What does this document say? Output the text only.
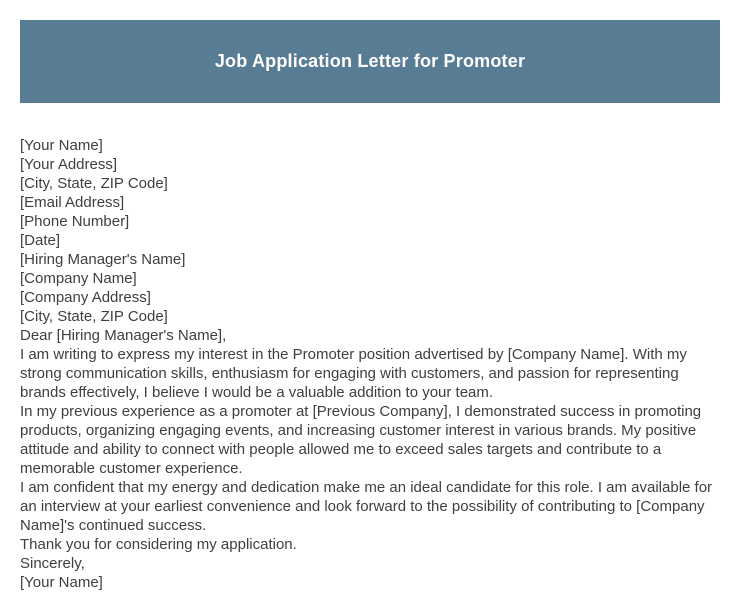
Job Application Letter for Promoter
[Your Name]
[Your Address]
[City, State, ZIP Code]
[Email Address]
[Phone Number]
[Date]
[Hiring Manager's Name]
[Company Name]
[Company Address]
[City, State, ZIP Code]
Dear [Hiring Manager's Name],
I am writing to express my interest in the Promoter position advertised by [Company Name]. With my strong communication skills, enthusiasm for engaging with customers, and passion for representing brands effectively, I believe I would be a valuable addition to your team.
In my previous experience as a promoter at [Previous Company], I demonstrated success in promoting products, organizing engaging events, and increasing customer interest in various brands. My positive attitude and ability to connect with people allowed me to exceed sales targets and contribute to a memorable customer experience.
I am confident that my energy and dedication make me an ideal candidate for this role. I am available for an interview at your earliest convenience and look forward to the possibility of contributing to [Company Name]'s continued success.
Thank you for considering my application.
Sincerely,
[Your Name]
